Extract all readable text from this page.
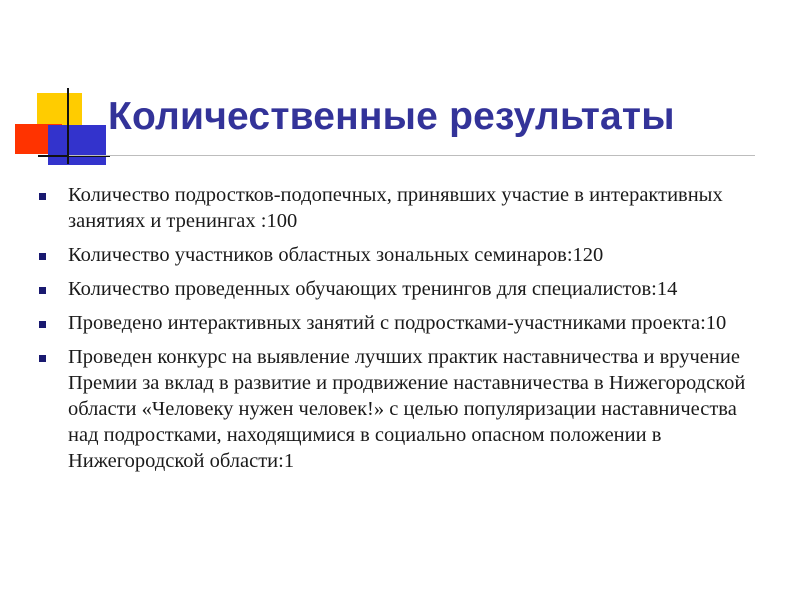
Количественные результаты
Количество подростков-подопечных, принявших участие в интерактивных занятиях и тренингах :100
Количество участников областных зональных семинаров:120
Количество проведенных обучающих тренингов для специалистов:14
Проведено интерактивных занятий с подростками-участниками проекта:10
Проведен конкурс на выявление лучших практик наставничества и вручение Премии за вклад в развитие и продвижение наставничества в Нижегородской области «Человеку нужен человек!» с целью популяризации наставничества над подростками, находящимися в социально опасном положении в Нижегородской области:1
